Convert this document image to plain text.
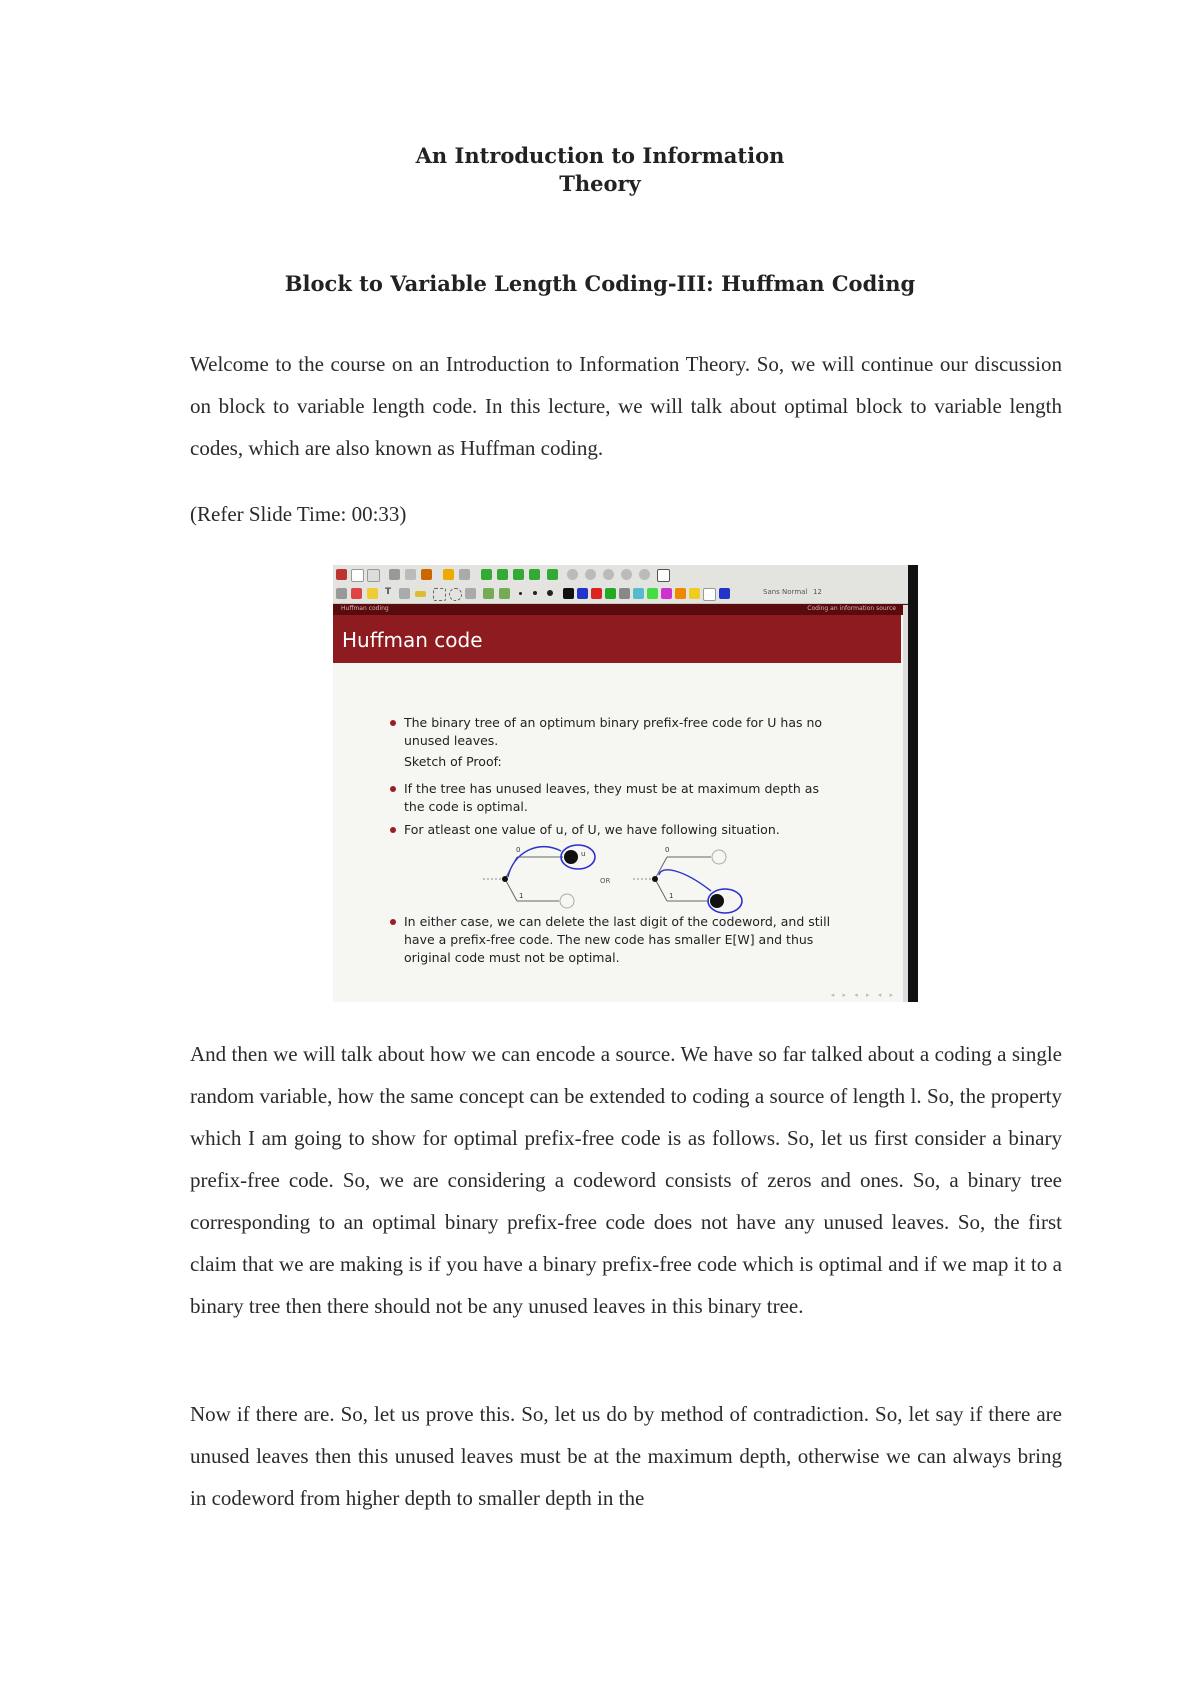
An Introduction to Information
Theory
Block to Variable Length Coding-III: Huffman Coding

Welcome to the course on an Introduction to Information Theory. So, we will continue our discussion on block to variable length code. In this lecture, we will talk about optimal block to variable length codes, which are also known as Huffman coding.

(Refer Slide Time: 00:33)

T	Sans Normal 12
Huffman coding	Coding an information source
Huffman code
The binary tree of an optimum binary prefix-free code for U has no
unused leaves.
Sketch of Proof:
If the tree has unused leaves, they must be at maximum depth as
the code is optimal.
For atleast one value of u, of U, we have following situation.
0
1
u
OR
0
1	u
In either case, we can delete the last digit of the codeword, and still
have a prefix-free code. The new code has smaller E[W] and thus
original code must not be optimal.
◂ ▸ ◂ ▸ ◂ ▸

And then we will talk about how we can encode a source. We have so far talked about a coding a single random variable, how the same concept can be extended to coding a source of length l. So, the property which I am going to show for optimal prefix-free code is as follows. So, let us first consider a binary prefix-free code. So, we are considering a codeword consists of zeros and ones. So, a binary tree corresponding to an optimal binary prefix-free code does not have any unused leaves. So, the first claim that we are making is if you have a binary prefix-free code which is optimal and if we map it to a binary tree then there should not be any unused leaves in this binary tree.

Now if there are. So, let us prove this. So, let us do by method of contradiction. So, let say if there are unused leaves then this unused leaves must be at the maximum depth, otherwise we can always bring in codeword from higher depth to smaller depth in the
